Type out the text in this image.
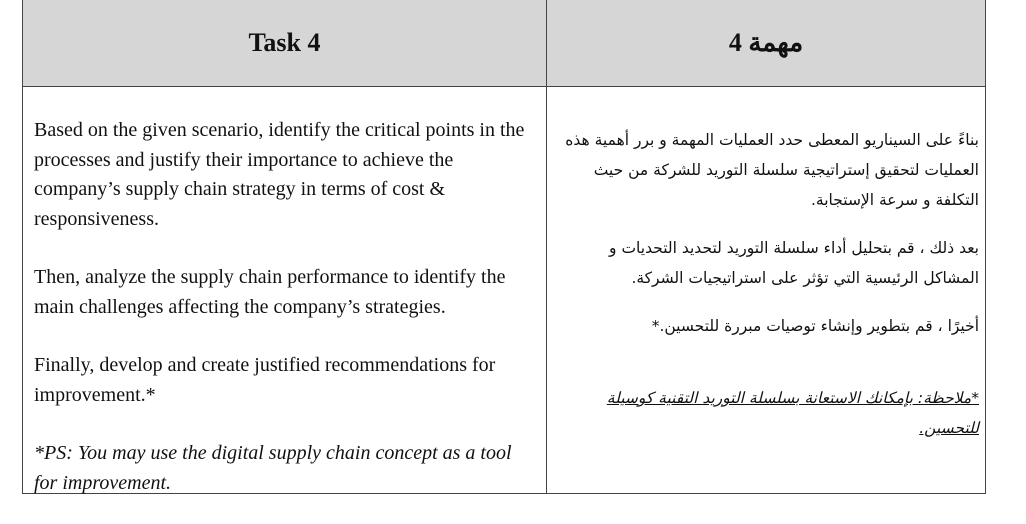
Task 4	مهمة 4

Based on the given scenario, identify the critical points in the processes and justify their importance to achieve the company’s supply chain strategy in terms of cost & responsiveness.

Then, analyze the supply chain performance to identify the main challenges affecting the company’s strategies.

Finally, develop and create justified recommendations for improvement.*

*PS: You may use the digital supply chain concept as a tool for improvement.

بناءً على السيناريو المعطى حدد العمليات المهمة و برر أهمية هذه العمليات لتحقيق إستراتيجية سلسلة التوريد للشركة من حيث التكلفة و سرعة الإستجابة.

بعد ذلك ، قم بتحليل أداء سلسلة التوريد لتحديد التحديات و المشاكل الرئيسية التي تؤثر على استراتيجيات الشركة.

أخيرًا ، قم بتطوير وإنشاء توصيات مبررة للتحسين.*

*ملاحظة: بإمكانك الاستعانة بسلسلة التوريد التقنية كوسيلة للتحسين.
